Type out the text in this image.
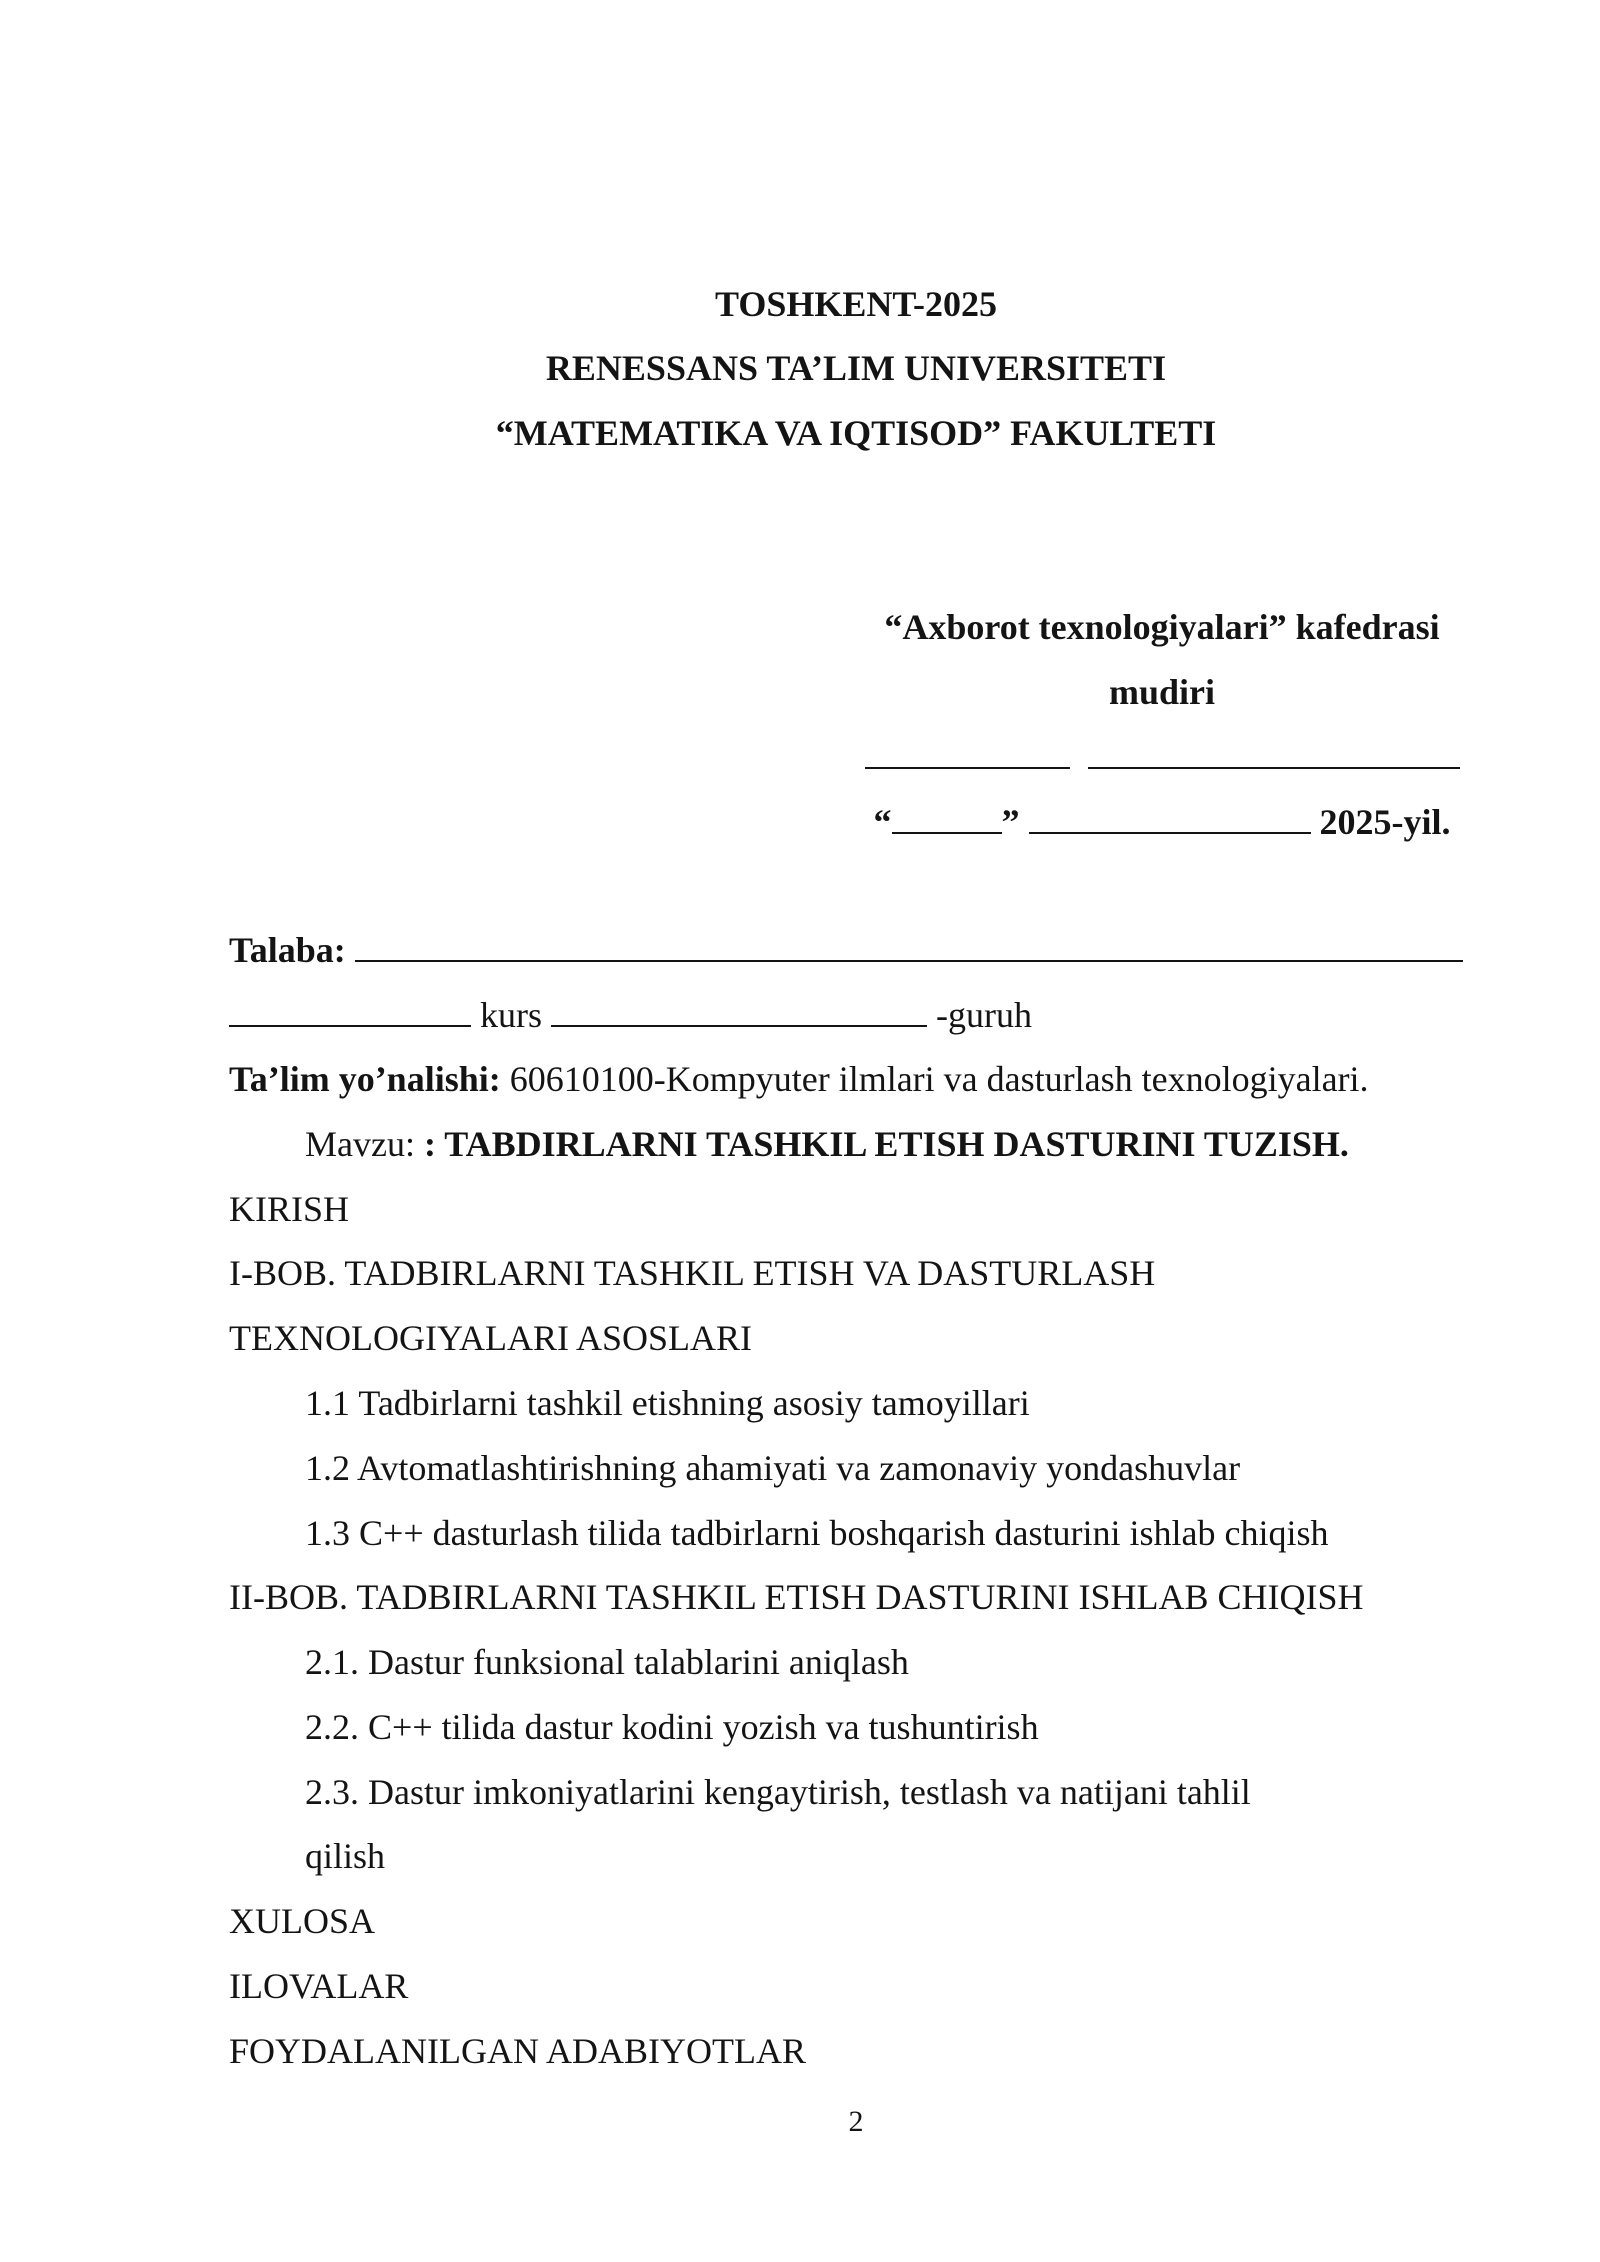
TOSHKENT-2025
RENESSANS TA’LIM UNIVERSITETI
“MATEMATIKA VA IQTISOD” FAKULTETI
“Axborot texnologiyalari” kafedrasi
mudiri

“	”	2025-yil.
Talaba:
kurs	-guruh
Ta’lim yo’nalishi: 60610100-Kompyuter ilmlari va dasturlash texnologiyalari.
Mavzu: : TABDIRLARNI TASHKIL ETISH DASTURINI TUZISH.
KIRISH
I-BOB. TADBIRLARNI TASHKIL ETISH VA DASTURLASH
TEXNOLOGIYALARI ASOSLARI
1.1 Tadbirlarni tashkil etishning asosiy tamoyillari
1.2 Avtomatlashtirishning ahamiyati va zamonaviy yondashuvlar
1.3 C++ dasturlash tilida tadbirlarni boshqarish dasturini ishlab chiqish
II-BOB. TADBIRLARNI TASHKIL ETISH DASTURINI ISHLAB CHIQISH
2.1. Dastur funksional talablarini aniqlash
2.2. C++ tilida dastur kodini yozish va tushuntirish
2.3. Dastur imkoniyatlarini kengaytirish, testlash va natijani tahlil
qilish
XULOSA
ILOVALAR
FOYDALANILGAN ADABIYOTLAR
2
